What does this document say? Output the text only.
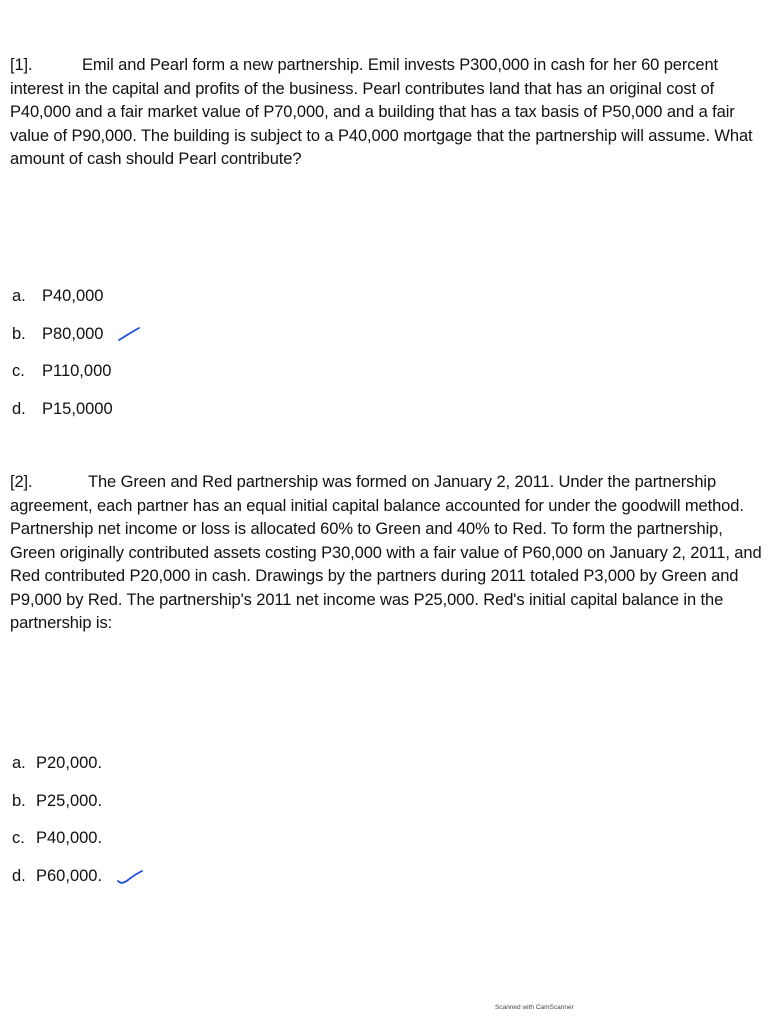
[1].	Emil and Pearl form a new partnership. Emil invests P300,000 in cash for her 60 percent interest in the capital and profits of the business. Pearl contributes land that has an original cost of P40,000 and a fair market value of P70,000, and a building that has a tax basis of P50,000 and a fair value of P90,000. The building is subject to a P40,000 mortgage that the partnership will assume. What amount of cash should Pearl contribute?
a. P40,000
b. P80,000
c. P110,000
d. P15,0000
[2].	The Green and Red partnership was formed on January 2, 2011. Under the partnership agreement, each partner has an equal initial capital balance accounted for under the goodwill method. Partnership net income or loss is allocated 60% to Green and 40% to Red. To form the partnership, Green originally contributed assets costing P30,000 with a fair value of P60,000 on January 2, 2011, and Red contributed P20,000 in cash. Drawings by the partners during 2011 totaled P3,000 by Green and P9,000 by Red. The partnership's 2011 net income was P25,000. Red's initial capital balance in the partnership is:
a. P20,000.
b. P25,000.
c. P40,000.
d. P60,000.
Scanned with CamScanner
